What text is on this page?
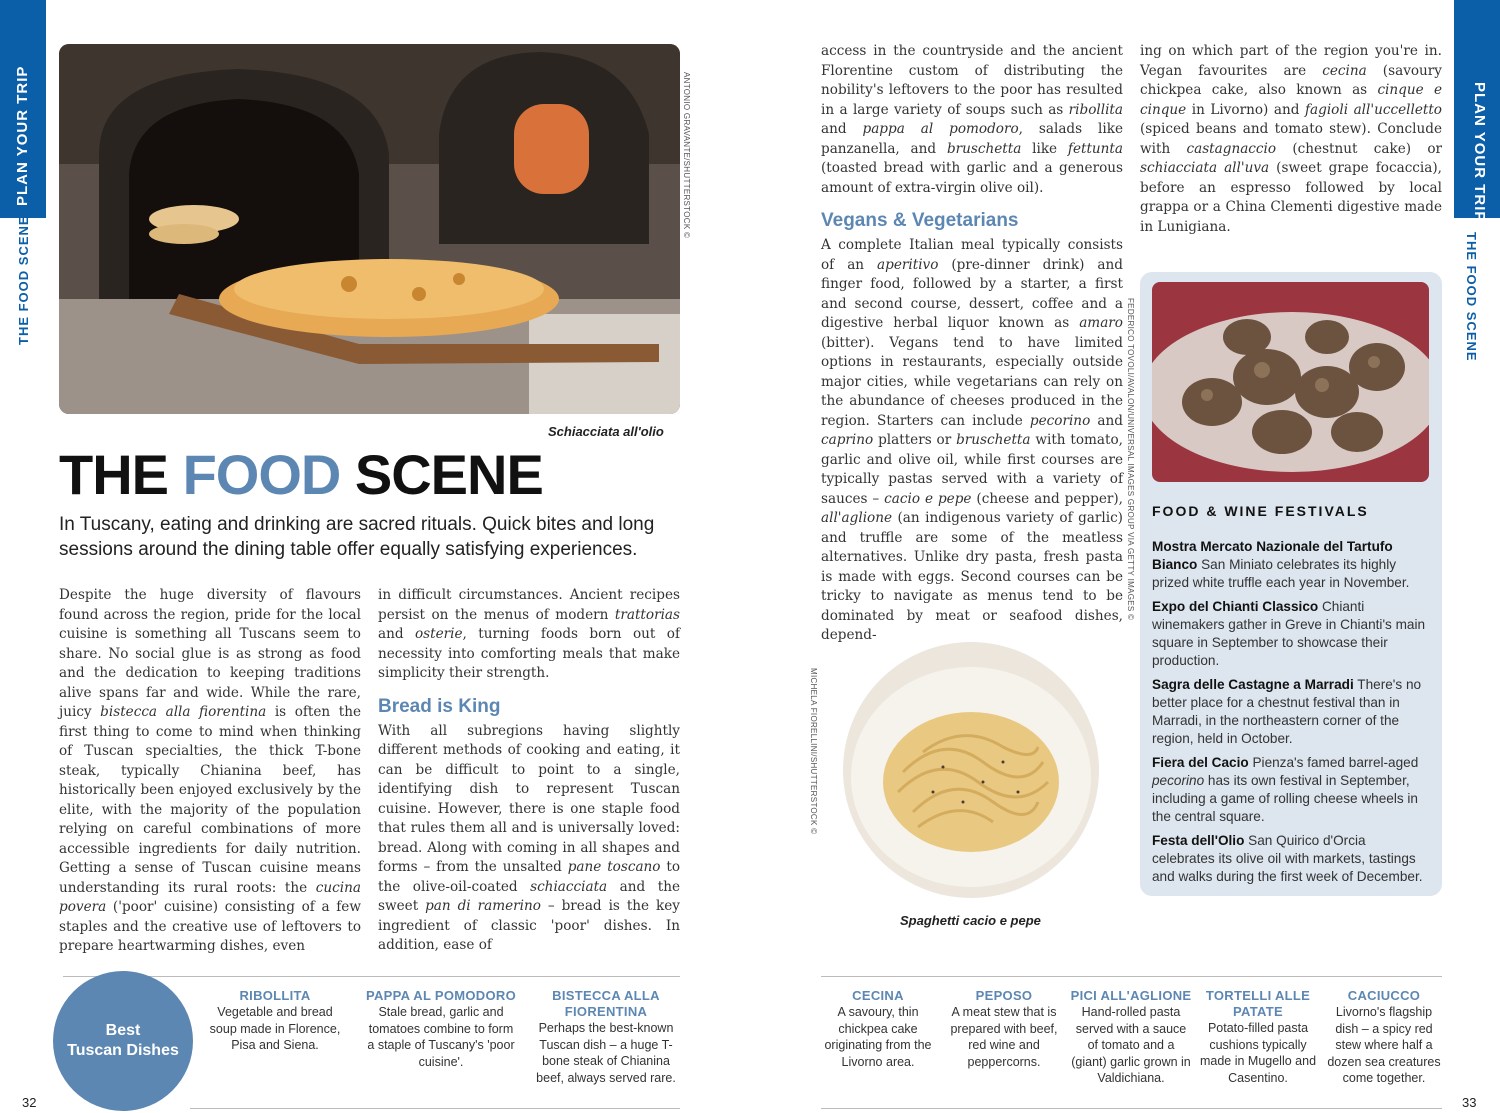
PLAN YOUR TRIP
THE FOOD SCENE
PLAN YOUR TRIP
THE FOOD SCENE
ANTONIO GRAVANTE/SHUTTERSTOCK ©
Schiacciata all'olio
THE FOOD SCENE

In Tuscany, eating and drinking are sacred rituals. Quick bites and long sessions around the dining table offer equally satisfying experiences.

Despite the huge diversity of flavours found across the region, pride for the local cuisine is something all Tuscans seem to share. No social glue is as strong as food and the dedication to keeping traditions alive spans far and wide. While the rare, juicy bistecca alla fiorentina is often the first thing to come to mind when thinking of Tuscan specialties, the thick T-bone steak, typically Chianina beef, has historically been enjoyed exclusively by the elite, with the majority of the population relying on careful combinations of more accessible ingredients for daily nutrition. Getting a sense of Tuscan cuisine means understanding its rural roots: the cucina povera ('poor' cuisine) consisting of a few staples and the creative use of leftovers to prepare heartwarming dishes, even

in difficult circumstances. Ancient recipes persist on the menus of modern trattorias and osterie, turning foods born out of necessity into comforting meals that make simplicity their strength.

Bread is King

With all subregions having slightly different methods of cooking and eating, it can be difficult to point to a single, identifying dish to represent Tuscan cuisine. However, there is one staple food that rules them all and is universally loved: bread. Along with coming in all shapes and forms – from the unsalted pane toscano to the olive-oil-coated schiacciata and the sweet pan di ramerino – bread is the key ingredient of classic 'poor' dishes. In addition, ease of

access in the countryside and the ancient Florentine custom of distributing the nobility's leftovers to the poor has resulted in a large variety of soups such as ribollita and pappa al pomodoro, salads like panzanella, and bruschetta like fettunta (toasted bread with garlic and a generous amount of extra-virgin olive oil).

Vegans & Vegetarians

A complete Italian meal typically consists of an aperitivo (pre-dinner drink) and finger food, followed by a starter, a first and second course, dessert, coffee and a digestive herbal liquor known as amaro (bitter). Vegans tend to have limited options in restaurants, especially outside major cities, while vegetarians can rely on the abundance of cheeses produced in the region. Starters can include pecorino and caprino platters or bruschetta with tomato, garlic and olive oil, while first courses are typically pastas served with a variety of sauces – cacio e pepe (cheese and pepper), all'aglione (an indigenous variety of garlic) and truffle are some of the meatless alternatives. Unlike dry pasta, fresh pasta is made with eggs. Second courses can be tricky to navigate as menus tend to be dominated by meat or seafood dishes, depend-

ing on which part of the region you're in. Vegan favourites are cecina (savoury chickpea cake, also known as cinque e cinque in Livorno) and fagioli all'uccelletto (spiced beans and tomato stew). Conclude with castagnaccio (chestnut cake) or schiacciata all'uva (sweet grape focaccia), before an espresso followed by local grappa or a China Clementi digestive made in Lunigiana.

FEDERICO TOVOLI/AVALON/UNIVERSAL IMAGES GROUP VIA GETTY IMAGES ©
MICHELA FIORELLINI/SHUTTERSTOCK ©
Spaghetti cacio e pepe
FOOD & WINE FESTIVALS
Mostra Mercato Nazionale del Tartufo Bianco San Miniato celebrates its highly prized white truffle each year in November.
Expo del Chianti Classico Chianti winemakers gather in Greve in Chianti's main square in September to showcase their production.
Sagra delle Castagne a Marradi There's no better place for a chestnut festival than in Marradi, in the northeastern corner of the region, held in October.
Fiera del Cacio Pienza's famed barrel-aged pecorino has its own festival in September, including a game of rolling cheese wheels in the central square.
Festa dell'Olio San Quirico d'Orcia celebrates its olive oil with markets, tastings and walks during the first week of December.
Best
Tuscan Dishes
RIBOLLITA
Vegetable and bread soup made in Florence, Pisa and Siena.
PAPPA AL POMODORO
Stale bread, garlic and tomatoes combine to form a staple of Tuscany's 'poor cuisine'.
BISTECCA ALLA FIORENTINA
Perhaps the best-known Tuscan dish – a huge T-bone steak of Chianina beef, always served rare.
CECINA
A savoury, thin chickpea cake originating from the Livorno area.
PEPOSO
A meat stew that is prepared with beef, red wine and peppercorns.
PICI ALL'AGLIONE
Hand-rolled pasta served with a sauce of tomato and a (giant) garlic grown in Valdichiana.
TORTELLI ALLE PATATE
Potato-filled pasta cushions typically made in Mugello and Casentino.
CACIUCCO
Livorno's flagship dish – a spicy red stew where half a dozen sea creatures come together.
32	33
